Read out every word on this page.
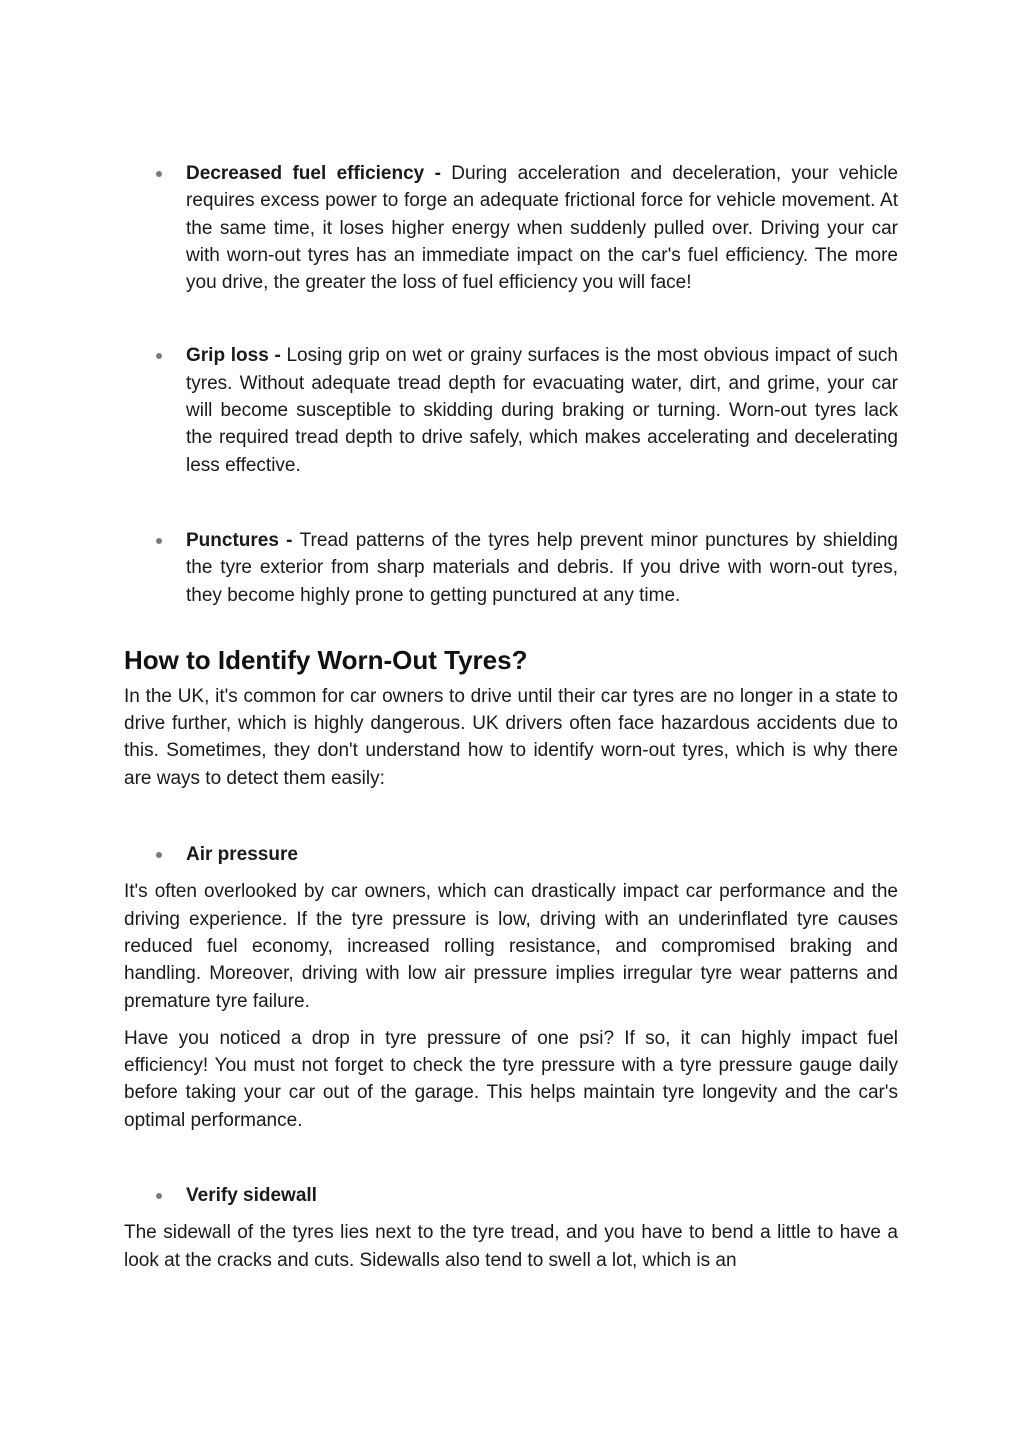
Decreased fuel efficiency - During acceleration and deceleration, your vehicle requires excess power to forge an adequate frictional force for vehicle movement. At the same time, it loses higher energy when suddenly pulled over. Driving your car with worn-out tyres has an immediate impact on the car's fuel efficiency. The more you drive, the greater the loss of fuel efficiency you will face!

Grip loss - Losing grip on wet or grainy surfaces is the most obvious impact of such tyres. Without adequate tread depth for evacuating water, dirt, and grime, your car will become susceptible to skidding during braking or turning. Worn-out tyres lack the required tread depth to drive safely, which makes accelerating and decelerating less effective.

Punctures - Tread patterns of the tyres help prevent minor punctures by shielding the tyre exterior from sharp materials and debris. If you drive with worn-out tyres, they become highly prone to getting punctured at any time.

How to Identify Worn-Out Tyres?

In the UK, it's common for car owners to drive until their car tyres are no longer in a state to drive further, which is highly dangerous. UK drivers often face hazardous accidents due to this. Sometimes, they don't understand how to identify worn-out tyres, which is why there are ways to detect them easily:

Air pressure

It's often overlooked by car owners, which can drastically impact car performance and the driving experience. If the tyre pressure is low, driving with an underinflated tyre causes reduced fuel economy, increased rolling resistance, and compromised braking and handling. Moreover, driving with low air pressure implies irregular tyre wear patterns and premature tyre failure.

Have you noticed a drop in tyre pressure of one psi? If so, it can highly impact fuel efficiency! You must not forget to check the tyre pressure with a tyre pressure gauge daily before taking your car out of the garage. This helps maintain tyre longevity and the car's optimal performance.

Verify sidewall

The sidewall of the tyres lies next to the tyre tread, and you have to bend a little to have a look at the cracks and cuts. Sidewalls also tend to swell a lot, which is an
